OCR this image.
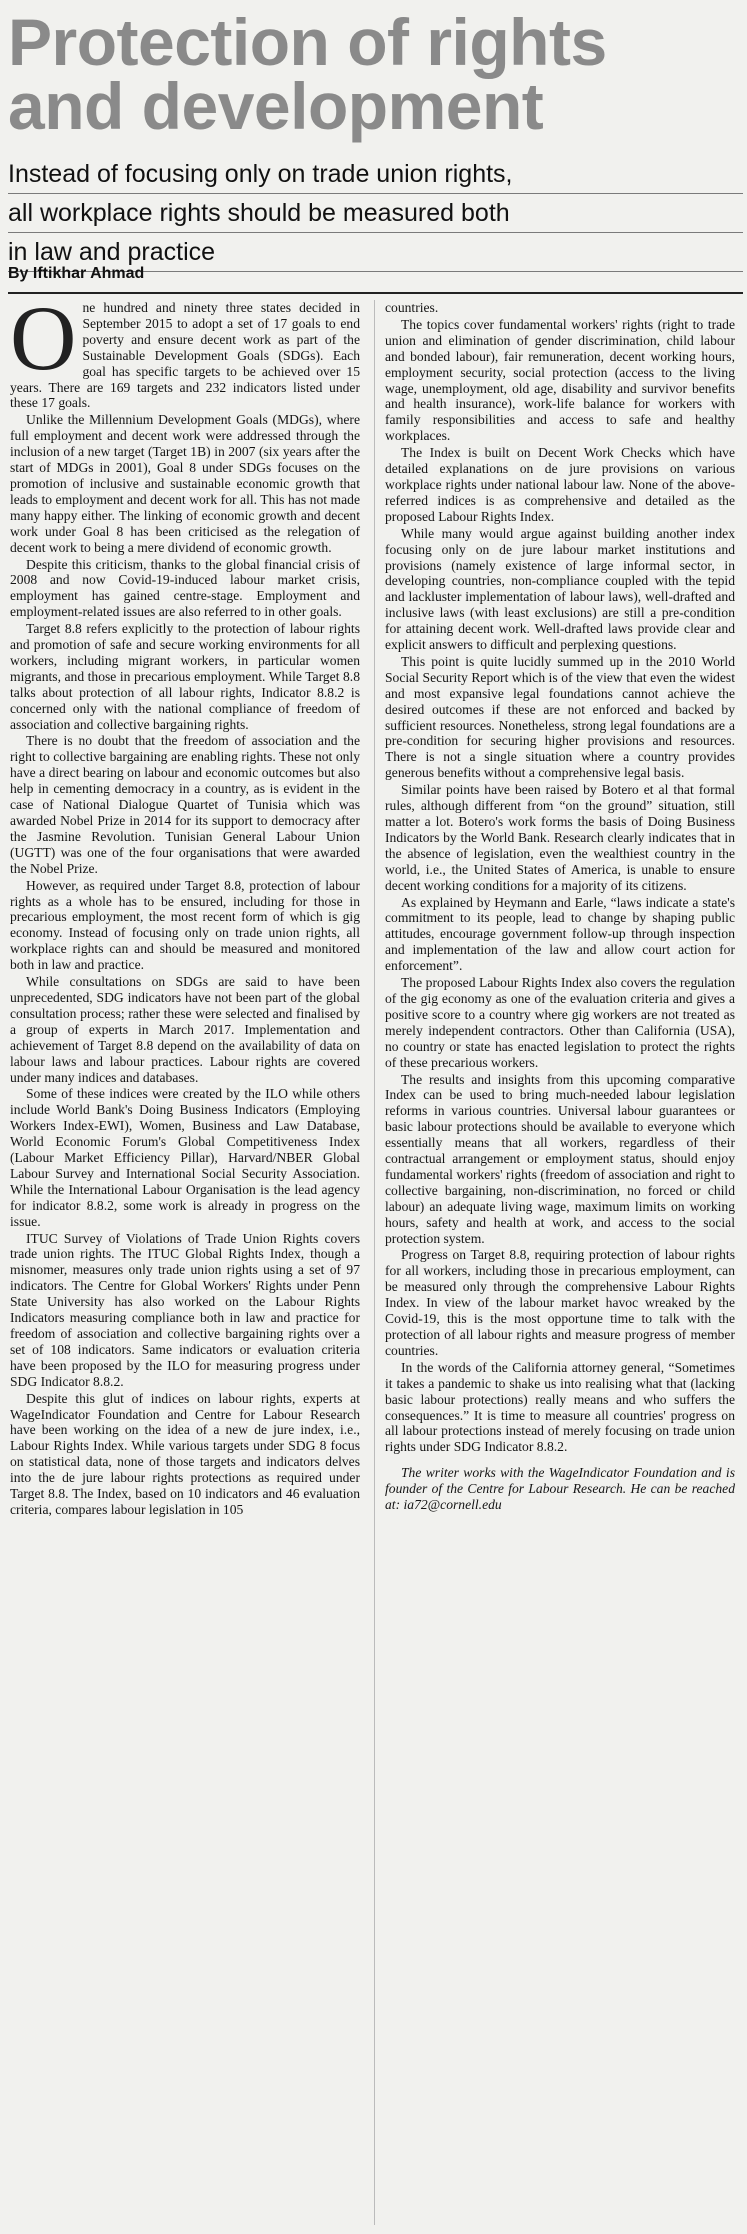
Protection of rights
and development
Instead of focusing only on trade union rights,
all workplace rights should be measured both
in law and practice
By Iftikhar Ahmad

One hundred and ninety three states decided in September 2015 to adopt a set of 17 goals to end poverty and ensure decent work as part of the Sustainable Development Goals (SDGs). Each goal has specific targets to be achieved over 15 years. There are 169 targets and 232 indicators listed under these 17 goals.

Unlike the Millennium Development Goals (MDGs), where full employment and decent work were addressed through the inclusion of a new target (Target 1B) in 2007 (six years after the start of MDGs in 2001), Goal 8 under SDGs focuses on the promotion of inclusive and sustainable economic growth that leads to employment and decent work for all. This has not made many happy either. The linking of economic growth and decent work under Goal 8 has been criticised as the relegation of decent work to being a mere dividend of economic growth.

Despite this criticism, thanks to the global financial crisis of 2008 and now Covid-19-induced labour market crisis, employment has gained centre-stage. Employment and employment-related issues are also referred to in other goals.

Target 8.8 refers explicitly to the protection of labour rights and promotion of safe and secure working environments for all workers, including migrant workers, in particular women migrants, and those in precarious employment. While Target 8.8 talks about protection of all labour rights, Indicator 8.8.2 is concerned only with the national compliance of freedom of association and collective bargaining rights.

There is no doubt that the freedom of association and the right to collective bargaining are enabling rights. These not only have a direct bearing on labour and economic outcomes but also help in cementing democracy in a country, as is evident in the case of National Dialogue Quartet of Tunisia which was awarded Nobel Prize in 2014 for its support to democracy after the Jasmine Revolution. Tunisian General Labour Union (UGTT) was one of the four organisations that were awarded the Nobel Prize.

However, as required under Target 8.8, protection of labour rights as a whole has to be ensured, including for those in precarious employment, the most recent form of which is gig economy. Instead of focusing only on trade union rights, all workplace rights can and should be measured and monitored both in law and practice.

While consultations on SDGs are said to have been unprecedented, SDG indicators have not been part of the global consultation process; rather these were selected and finalised by a group of experts in March 2017. Implementation and achievement of Target 8.8 depend on the availability of data on labour laws and labour practices. Labour rights are covered under many indices and databases.

Some of these indices were created by the ILO while others include World Bank's Doing Business Indicators (Employing Workers Index-EWI), Women, Business and Law Database, World Economic Forum's Global Competitiveness Index (Labour Market Efficiency Pillar), Harvard/NBER Global Labour Survey and International Social Security Association. While the International Labour Organisation is the lead agency for indicator 8.8.2, some work is already in progress on the issue.

ITUC Survey of Violations of Trade Union Rights covers trade union rights. The ITUC Global Rights Index, though a misnomer, measures only trade union rights using a set of 97 indicators. The Centre for Global Workers' Rights under Penn State University has also worked on the Labour Rights Indicators measuring compliance both in law and practice for freedom of association and collective bargaining rights over a set of 108 indicators. Same indicators or evaluation criteria have been proposed by the ILO for measuring progress under SDG Indicator 8.8.2.

Despite this glut of indices on labour rights, experts at WageIndicator Foundation and Centre for Labour Research have been working on the idea of a new de jure index, i.e., Labour Rights Index. While various targets under SDG 8 focus on statistical data, none of those targets and indicators delves into the de jure labour rights protections as required under Target 8.8. The Index, based on 10 indicators and 46 evaluation criteria, compares labour legislation in 105

countries.

The topics cover fundamental workers' rights (right to trade union and elimination of gender discrimination, child labour and bonded labour), fair remuneration, decent working hours, employment security, social protection (access to the living wage, unemployment, old age, disability and survivor benefits and health insurance), work-life balance for workers with family responsibilities and access to safe and healthy workplaces.

The Index is built on Decent Work Checks which have detailed explanations on de jure provisions on various workplace rights under national labour law. None of the above-referred indices is as comprehensive and detailed as the proposed Labour Rights Index.

While many would argue against building another index focusing only on de jure labour market institutions and provisions (namely existence of large informal sector, in developing countries, non-compliance coupled with the tepid and lackluster implementation of labour laws), well-drafted and inclusive laws (with least exclusions) are still a pre-condition for attaining decent work. Well-drafted laws provide clear and explicit answers to difficult and perplexing questions.

This point is quite lucidly summed up in the 2010 World Social Security Report which is of the view that even the widest and most expansive legal foundations cannot achieve the desired outcomes if these are not enforced and backed by sufficient resources. Nonetheless, strong legal foundations are a pre-condition for securing higher provisions and resources. There is not a single situation where a country provides generous benefits without a comprehensive legal basis.

Similar points have been raised by Botero et al that formal rules, although different from “on the ground” situation, still matter a lot. Botero's work forms the basis of Doing Business Indicators by the World Bank. Research clearly indicates that in the absence of legislation, even the wealthiest country in the world, i.e., the United States of America, is unable to ensure decent working conditions for a majority of its citizens.

As explained by Heymann and Earle, “laws indicate a state's commitment to its people, lead to change by shaping public attitudes, encourage government follow-up through inspection and implementation of the law and allow court action for enforcement”.

The proposed Labour Rights Index also covers the regulation of the gig economy as one of the evaluation criteria and gives a positive score to a country where gig workers are not treated as merely independent contractors. Other than California (USA), no country or state has enacted legislation to protect the rights of these precarious workers.

The results and insights from this upcoming comparative Index can be used to bring much-needed labour legislation reforms in various countries. Universal labour guarantees or basic labour protections should be available to everyone which essentially means that all workers, regardless of their contractual arrangement or employment status, should enjoy fundamental workers' rights (freedom of association and right to collective bargaining, non-discrimination, no forced or child labour) an adequate living wage, maximum limits on working hours, safety and health at work, and access to the social protection system.

Progress on Target 8.8, requiring protection of labour rights for all workers, including those in precarious employment, can be measured only through the comprehensive Labour Rights Index. In view of the labour market havoc wreaked by the Covid-19, this is the most opportune time to talk with the protection of all labour rights and measure progress of member countries.

In the words of the California attorney general, “Sometimes it takes a pandemic to shake us into realising what that (lacking basic labour protections) really means and who suffers the consequences.” It is time to measure all countries' progress on all labour protections instead of merely focusing on trade union rights under SDG Indicator 8.8.2.

The writer works with the WageIndicator Foundation and is founder of the Centre for Labour Research. He can be reached at: ia72@cornell.edu
